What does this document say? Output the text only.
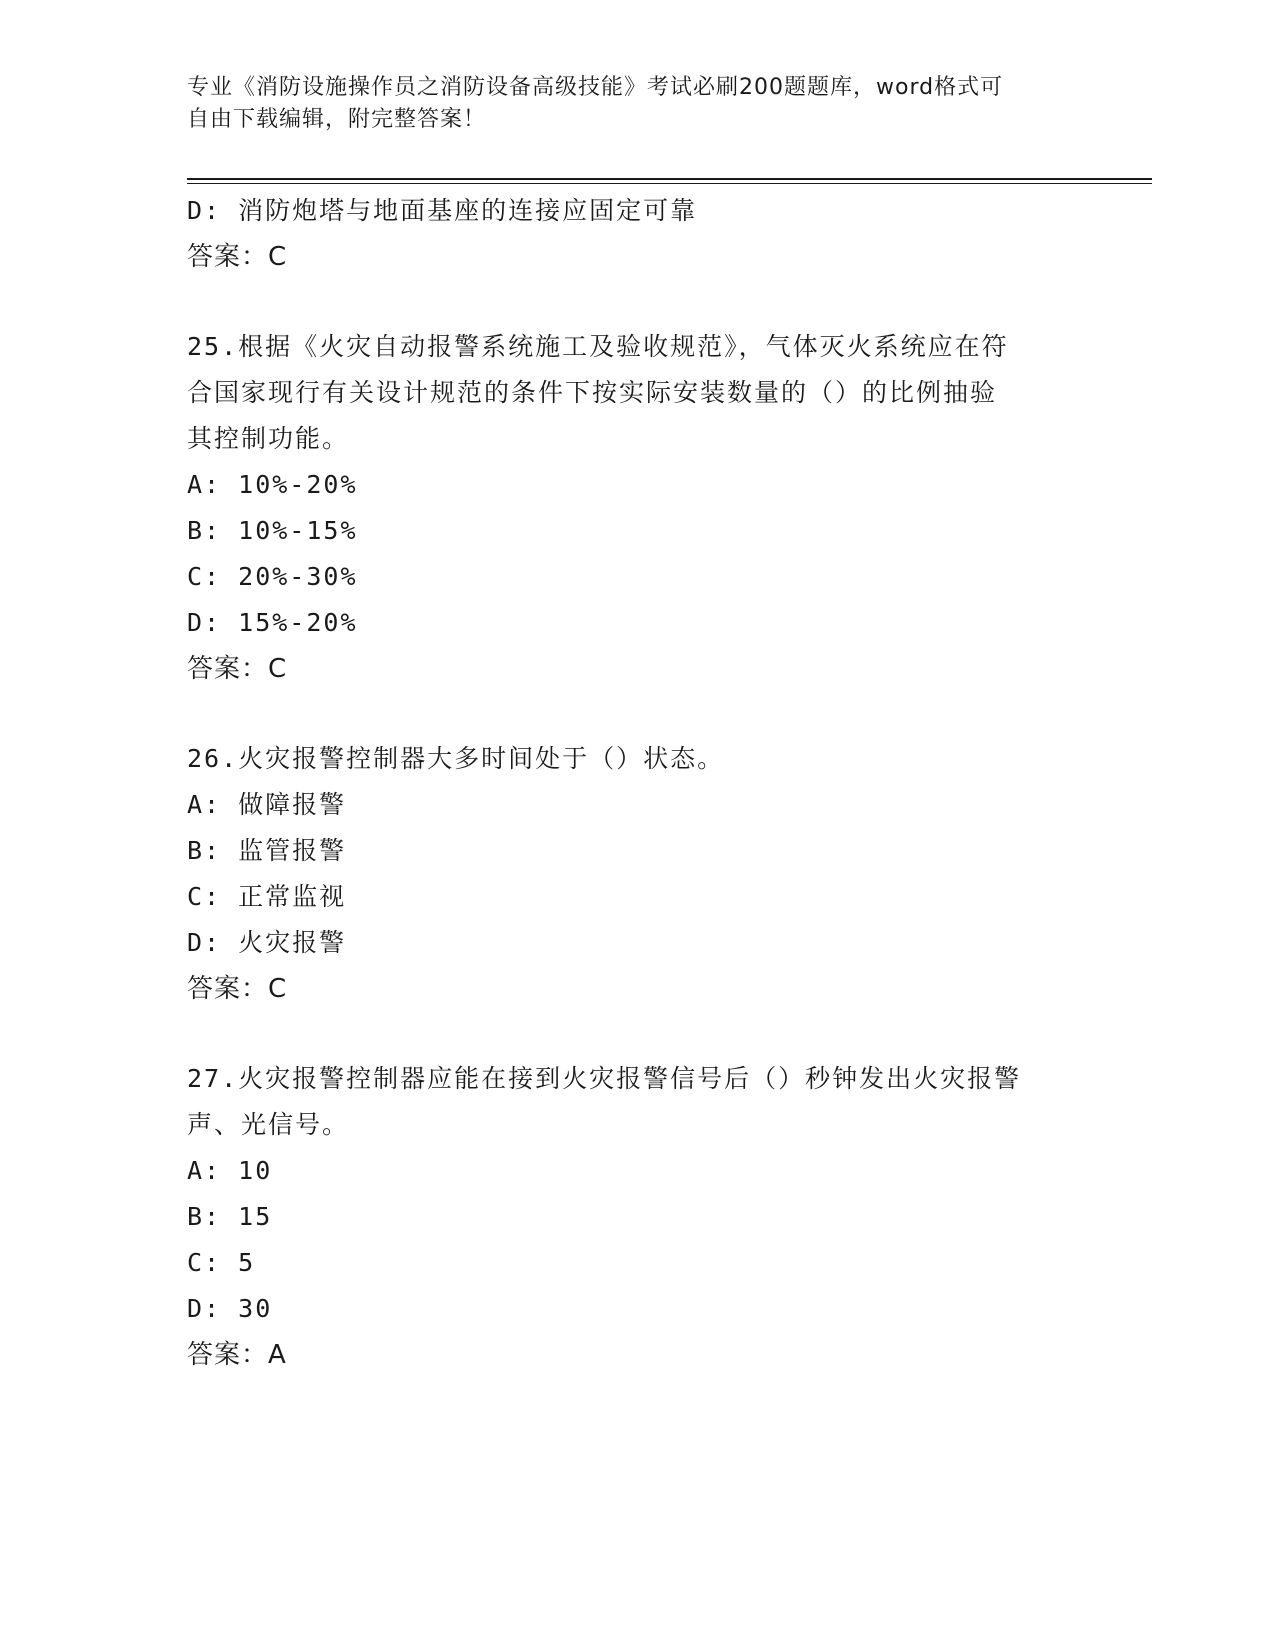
专业《消防设施操作员之消防设备高级技能》考试必刷200题题库，word格式可

自由下载编辑，附完整答案！

D: 消防炮塔与地面基座的连接应固定可靠
答案：C
25.根据《火灾自动报警系统施工及验收规范》，气体灭火系统应在符
合国家现行有关设计规范的条件下按实际安装数量的（）的比例抽验
其控制功能。
A: 10%-20%
B: 10%-15%
C: 20%-30%
D: 15%-20%
答案：C
26.火灾报警控制器大多时间处于（）状态。
A: 做障报警
B: 监管报警
C: 正常监视
D: 火灾报警
答案：C
27.火灾报警控制器应能在接到火灾报警信号后（）秒钟发出火灾报警
声、光信号。
A: 10
B: 15
C: 5
D: 30
答案：A
